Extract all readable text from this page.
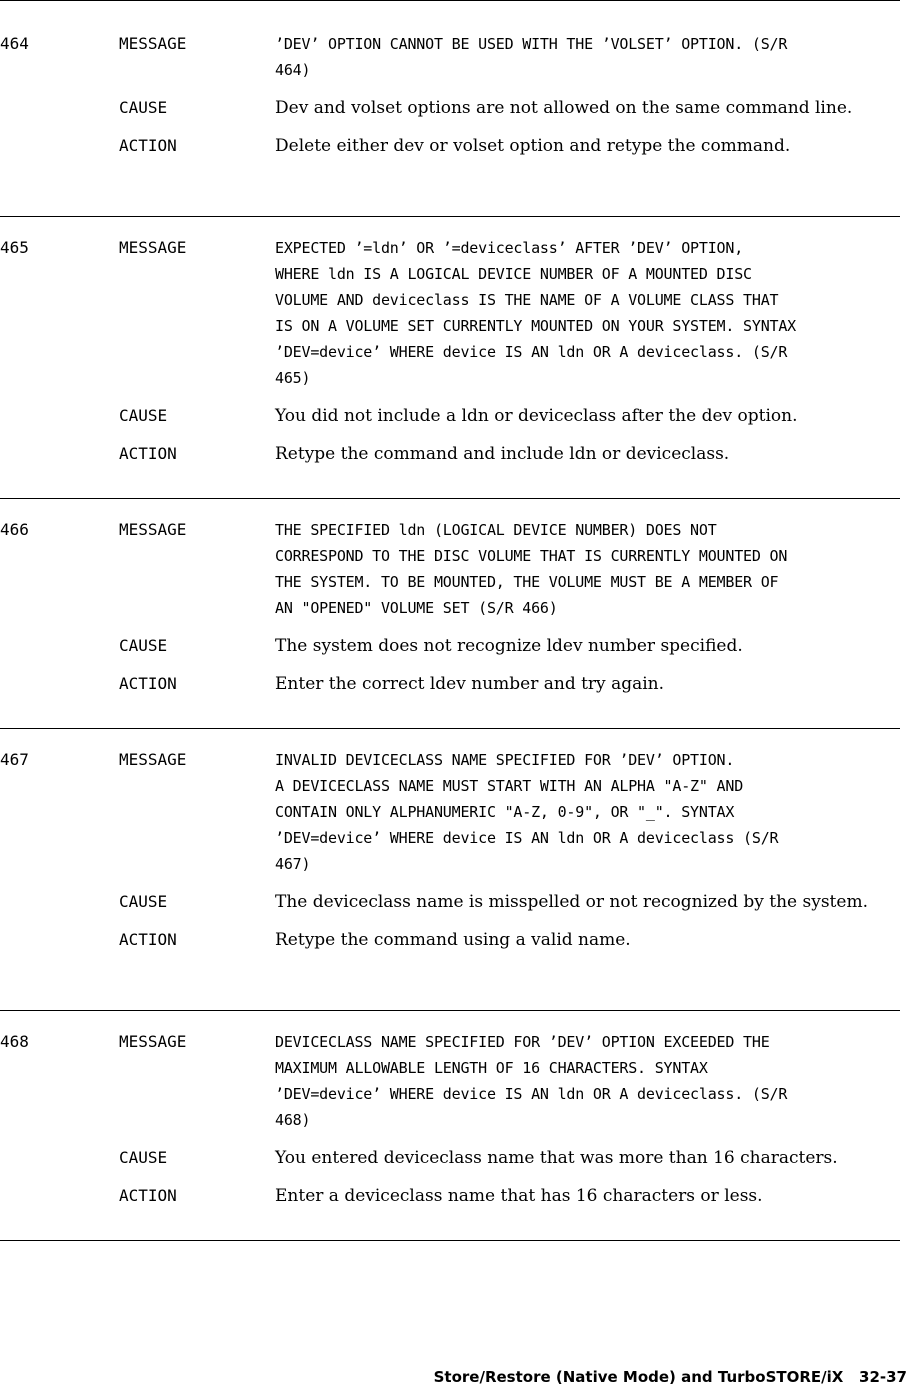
464	MESSAGE	’DEV’ OPTION CANNOT BE USED WITH THE ’VOLSET’ OPTION. (S/R
464)
CAUSE	Dev and volset options are not allowed on the same command line.
ACTION	Delete either dev or volset option and retype the command.
465	MESSAGE	EXPECTED ’=ldn’ OR ’=deviceclass’ AFTER ’DEV’ OPTION,
WHERE ldn IS A LOGICAL DEVICE NUMBER OF A MOUNTED DISC
VOLUME AND deviceclass IS THE NAME OF A VOLUME CLASS THAT
IS ON A VOLUME SET CURRENTLY MOUNTED ON YOUR SYSTEM. SYNTAX
’DEV=device’ WHERE device IS AN ldn OR A deviceclass. (S/R
465)
CAUSE	You did not include a ldn or deviceclass after the dev option.
ACTION	Retype the command and include ldn or deviceclass.
466	MESSAGE	THE SPECIFIED ldn (LOGICAL DEVICE NUMBER) DOES NOT
CORRESPOND TO THE DISC VOLUME THAT IS CURRENTLY MOUNTED ON
THE SYSTEM. TO BE MOUNTED, THE VOLUME MUST BE A MEMBER OF
AN "OPENED" VOLUME SET (S/R 466)
CAUSE	The system does not recognize ldev number specified.
ACTION	Enter the correct ldev number and try again.
467	MESSAGE	INVALID DEVICECLASS NAME SPECIFIED FOR ’DEV’ OPTION.
A DEVICECLASS NAME MUST START WITH AN ALPHA "A-Z" AND
CONTAIN ONLY ALPHANUMERIC "A-Z, 0-9", OR "_". SYNTAX
’DEV=device’ WHERE device IS AN ldn OR A deviceclass (S/R
467)
CAUSE	The deviceclass name is misspelled or not recognized by the system.
ACTION	Retype the command using a valid name.
468	MESSAGE	DEVICECLASS NAME SPECIFIED FOR ’DEV’ OPTION EXCEEDED THE
MAXIMUM ALLOWABLE LENGTH OF 16 CHARACTERS. SYNTAX
’DEV=device’ WHERE device IS AN ldn OR A deviceclass. (S/R
468)
CAUSE	You entered deviceclass name that was more than 16 characters.
ACTION	Enter a deviceclass name that has 16 characters or less.
Store/Restore (Native Mode) and TurboSTORE/iX 32-37
